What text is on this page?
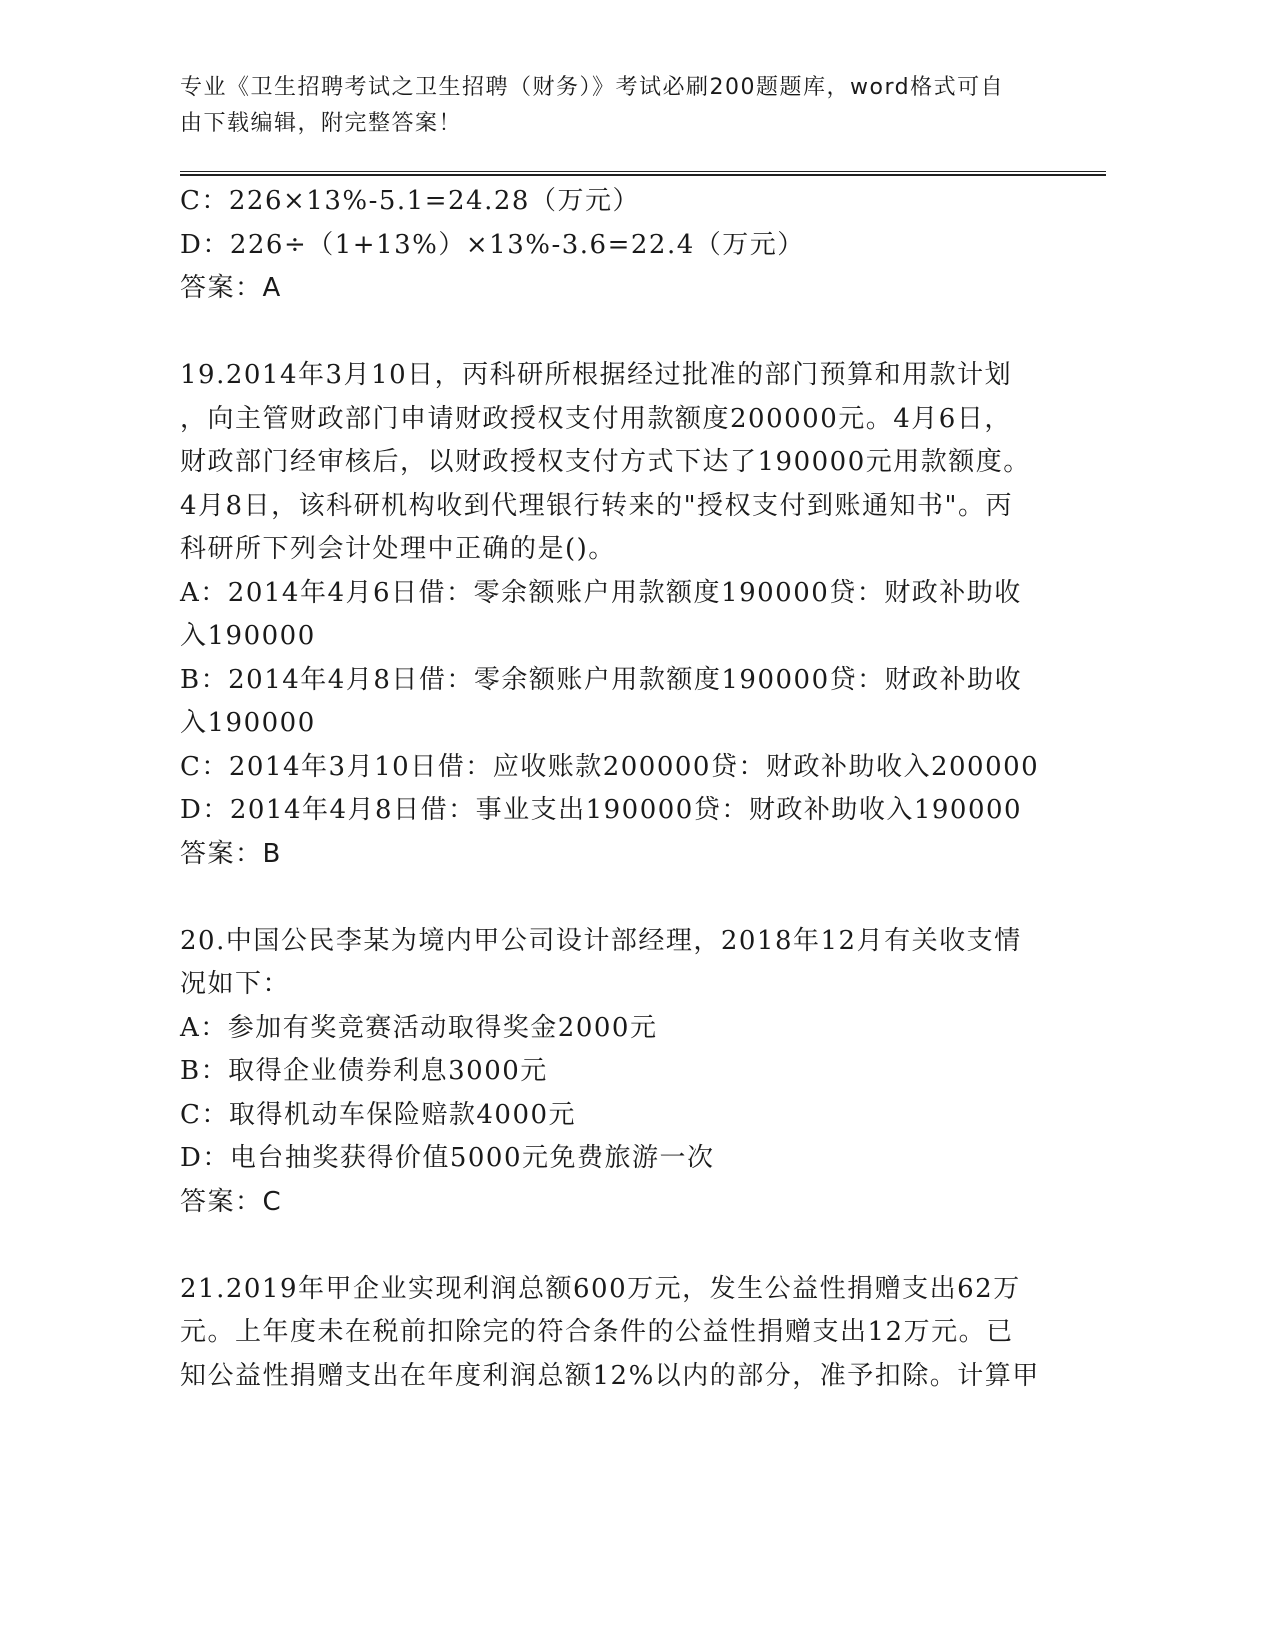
专业《卫生招聘考试之卫生招聘（财务）》考试必刷200题题库，word格式可自
由下载编辑，附完整答案！
C：226×13%-5.1=24.28（万元）
D：226÷（1+13%）×13%-3.6=22.4（万元）
答案：A
19.2014年3月10日，丙科研所根据经过批准的部门预算和用款计划
，向主管财政部门申请财政授权支付用款额度200000元。4月6日，
财政部门经审核后，以财政授权支付方式下达了190000元用款额度。
4月8日，该科研机构收到代理银行转来的"授权支付到账通知书"。丙
科研所下列会计处理中正确的是()。
A：2014年4月6日借：零余额账户用款额度190000贷：财政补助收
入190000
B：2014年4月8日借：零余额账户用款额度190000贷：财政补助收
入190000
C：2014年3月10日借：应收账款200000贷：财政补助收入200000
D：2014年4月8日借：事业支出190000贷：财政补助收入190000
答案：B
20.中国公民李某为境内甲公司设计部经理，2018年12月有关收支情
况如下：
A：参加有奖竞赛活动取得奖金2000元
B：取得企业债券利息3000元
C：取得机动车保险赔款4000元
D：电台抽奖获得价值5000元免费旅游一次
答案：C
21.2019年甲企业实现利润总额600万元，发生公益性捐赠支出62万
元。上年度未在税前扣除完的符合条件的公益性捐赠支出12万元。已
知公益性捐赠支出在年度利润总额12%以内的部分，准予扣除。计算甲
